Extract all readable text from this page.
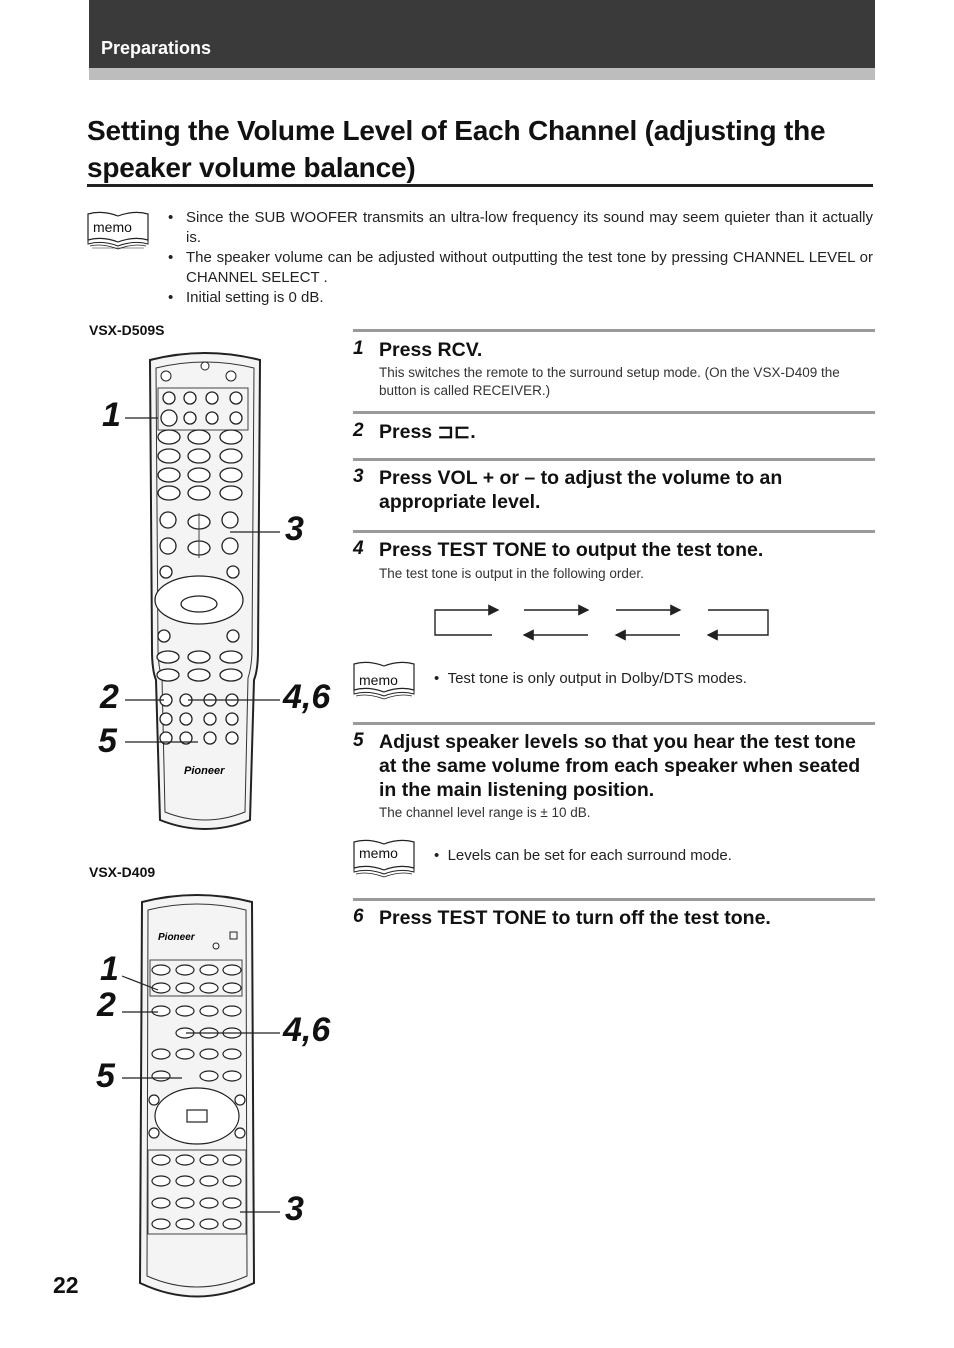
Preparations
Setting the Volume Level of Each Channel (adjusting the speaker volume balance)
memo
• Since the SUB WOOFER transmits an ultra-low frequency its sound may seem quieter than it actually is.
• The speaker volume can be adjusted without outputting the test tone by pressing CHANNEL LEVEL or CHANNEL SELECT .
• Initial setting is 0 dB.
VSX-D509S
Pioneer
1
3
2	4,6
5
VSX-D409
Pioneer
1
2
4,6
5
3
1 Press RCV.
This switches the remote to the surround setup mode. (On the VSX-D409 the button is called RECEIVER.)
2 Press ⊐⊏.
3 Press VOL + or – to adjust the volume to an appropriate level.
4 Press TEST TONE to output the test tone.
The test tone is output in the following order.
memo •  Test tone is only output in Dolby/DTS modes.
5 Adjust speaker levels so that you hear the test tone at the same volume from each speaker when seated in the main listening position.
The channel level range is ± 10 dB.
memo •  Levels can be set for each surround mode.
6 Press TEST TONE to turn off the test tone.
22
